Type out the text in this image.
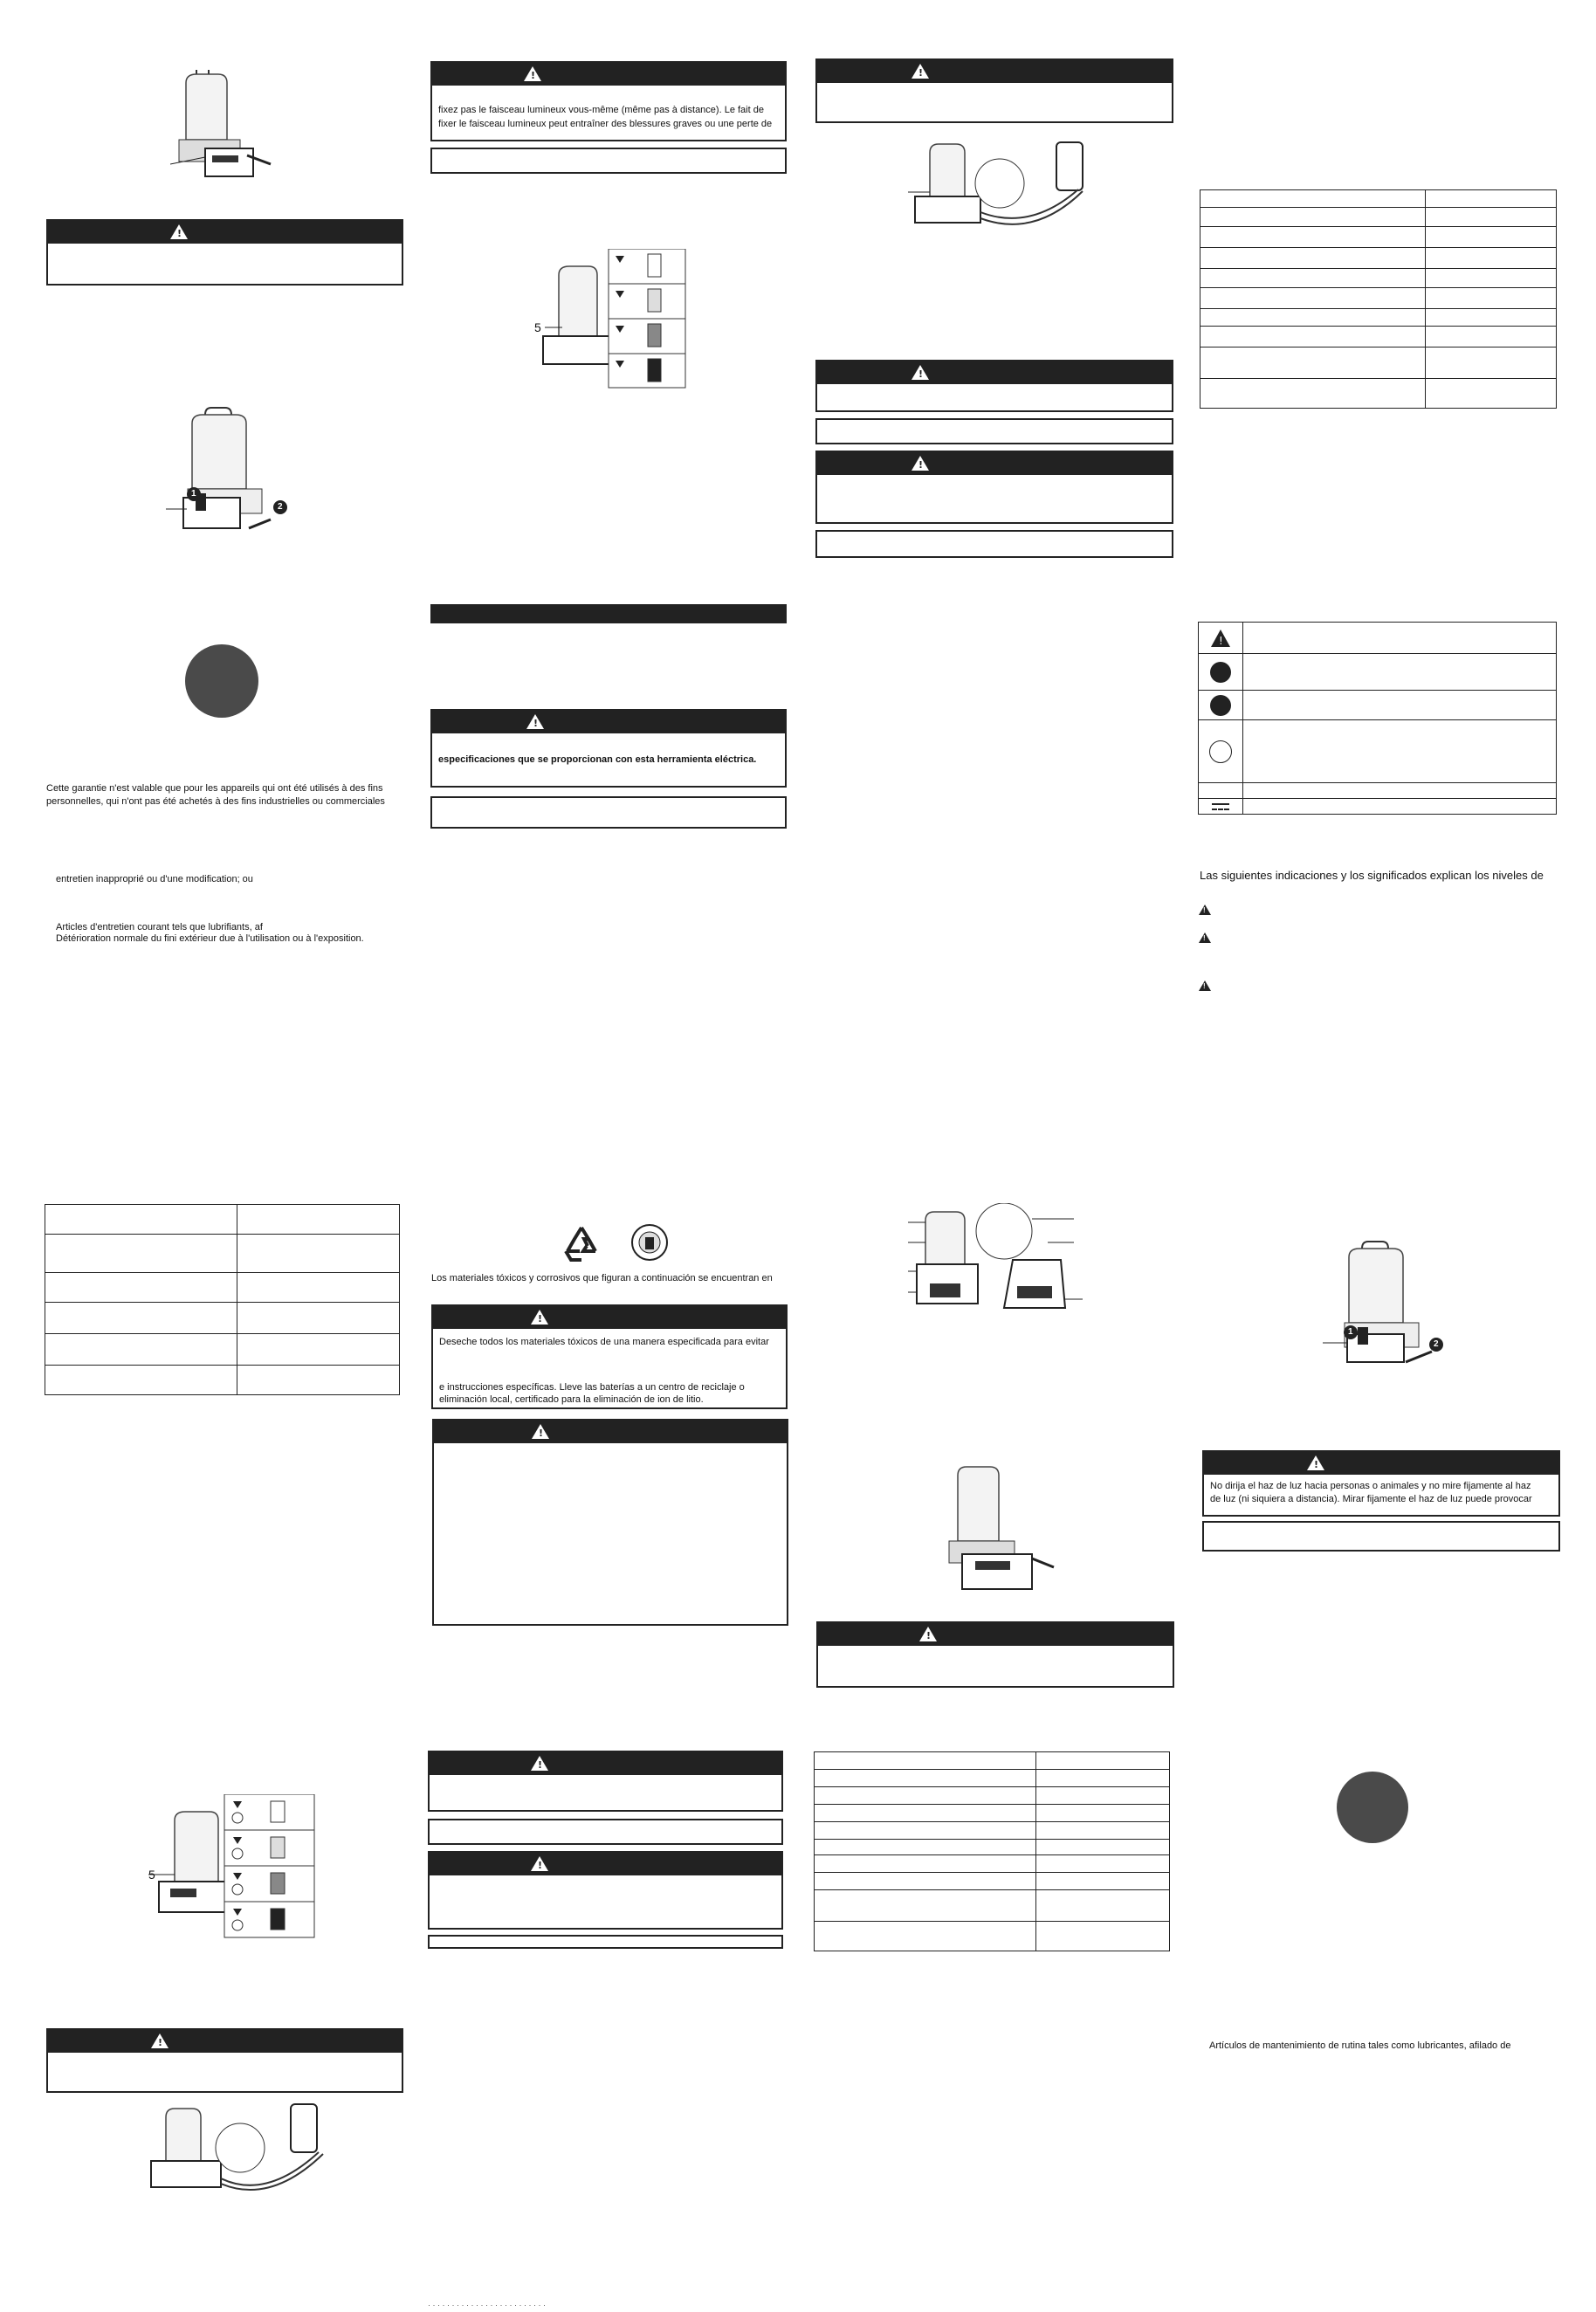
!
1
2
Cette garantie n'est valable que pour les appareils qui ont été utilisés à des fins
personnelles, qui n'ont pas été achetés à des fins industrielles ou commerciales
entretien inapproprié ou d'une modification; ou
Articles d'entretien courant tels que lubrifiants, af
Détérioration normale du fini extérieur due à l'utilisation ou à l'exposition.

5
!
!
fixez pas le faisceau lumineux vous-même (même pas à distance). Le fait de
fixer le faisceau lumineux peut entraîner des blessures graves ou une perte de
5
!
especificaciones que se proporcionan con esta herramienta eléctrica.
Los materiales tóxicos y corrosivos que figuran a continuación se encuentran en
!
Deseche todos los materiales tóxicos de una manera especificada para evitar
e instrucciones específicas. Lleve las baterías a un centro de reciclaje o
eliminación local, certificado para la eliminación de ion de litio.
!
!
!
· · · · · · · · · · · · · · · · · · · · · · · · ·
!
!
!
!

!	

Las siguientes indicaciones y los significados explican los niveles de
!
!
!
1
2
!
No dirija el haz de luz hacia personas o animales y no mire fijamente al haz
de luz (ni siquiera a distancia). Mirar fijamente el haz de luz puede provocar
Artículos de mantenimiento de rutina tales como lubricantes, afilado de
